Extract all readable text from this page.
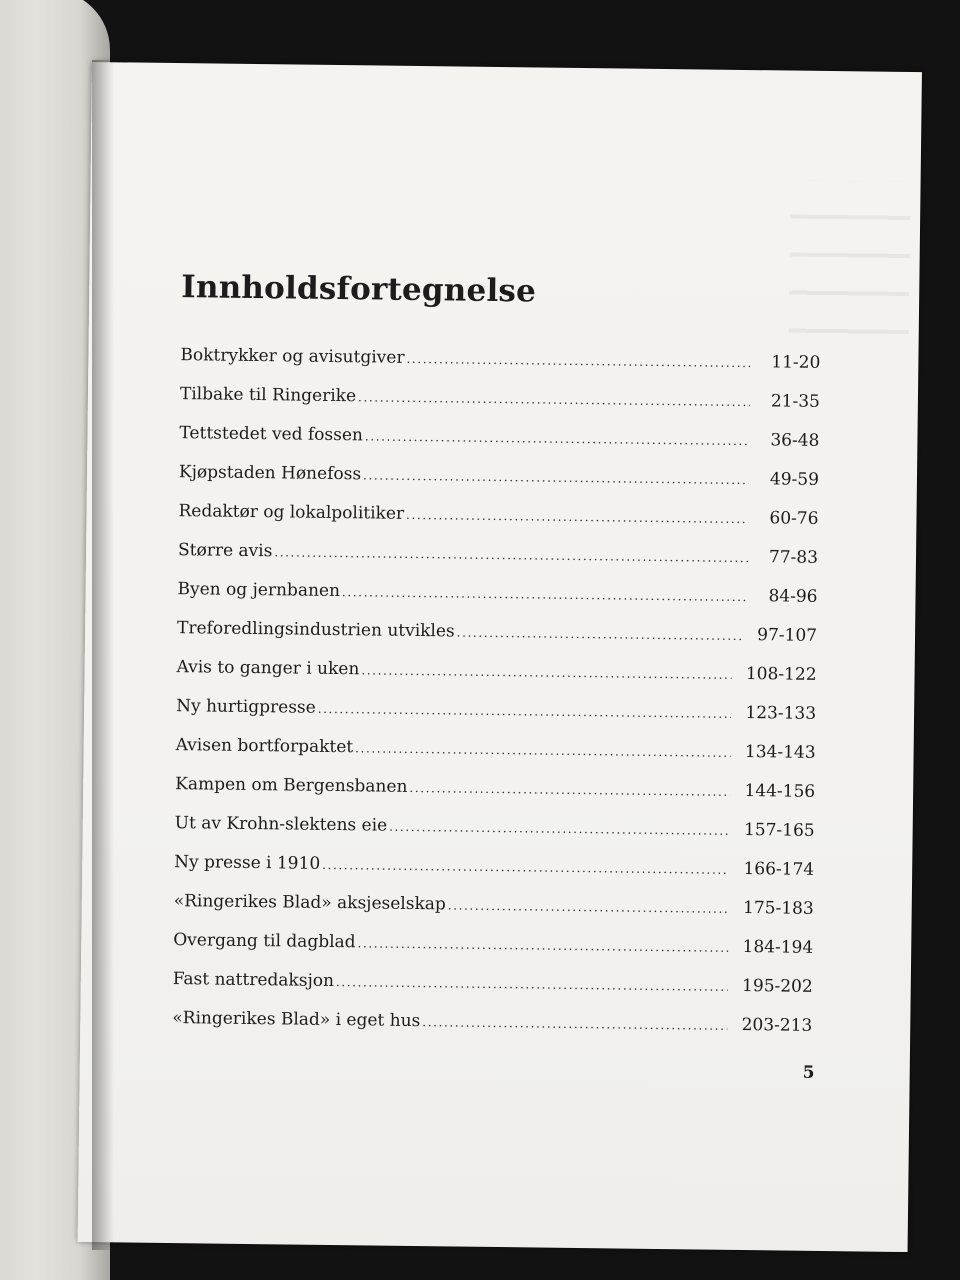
Innholdsfortegnelse
Boktrykker og avisutgiver .....	11-20
Tilbake til Ringerike .....	21-35
Tettstedet ved fossen .....	36-48
Kjøpstaden Hønefoss .....	49-59
Redaktør og lokalpolitiker .....	60-76
Større avis .....	77-83
Byen og jernbanen .....	84-96
Treforedlingsindustrien utvikles .....	97-107
Avis to ganger i uken .....	108-122
Ny hurtigpresse .....	123-133
Avisen bortforpaktet .....	134-143
Kampen om Bergensbanen .....	144-156
Ut av Krohn-slektens eie .....	157-165
Ny presse i 1910 .....	166-174
«Ringerikes Blad» aksjeselskap .....	175-183
Overgang til dagblad .....	184-194
Fast nattredaksjon .....	195-202
«Ringerikes Blad» i eget hus .....	203-213
5
